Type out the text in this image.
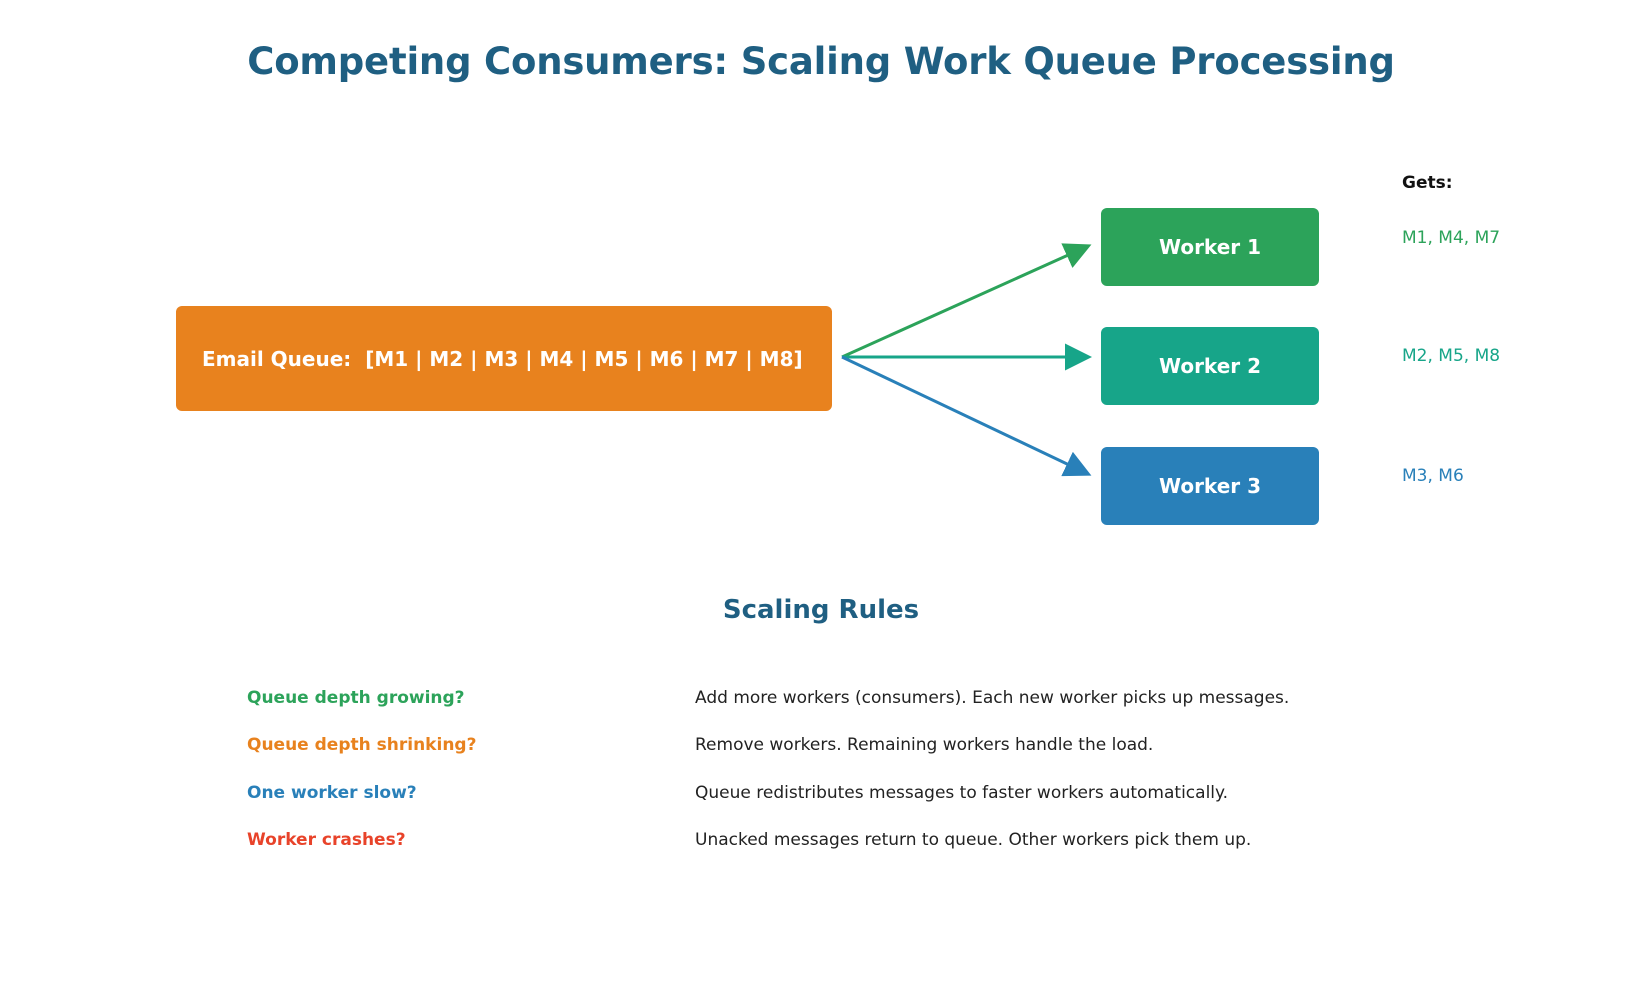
Competing Consumers: Scaling Work Queue Processing
Email Queue:  [M1 | M2 | M3 | M4 | M5 | M6 | M7 | M8]
Worker 1
Worker 2
Worker 3
Gets:
M1, M4, M7
M2, M5, M8
M3, M6
Scaling Rules
Queue depth growing?	Add more workers (consumers). Each new worker picks up messages.
Queue depth shrinking?	Remove workers. Remaining workers handle the load.
One worker slow?	Queue redistributes messages to faster workers automatically.
Worker crashes?	Unacked messages return to queue. Other workers pick them up.
